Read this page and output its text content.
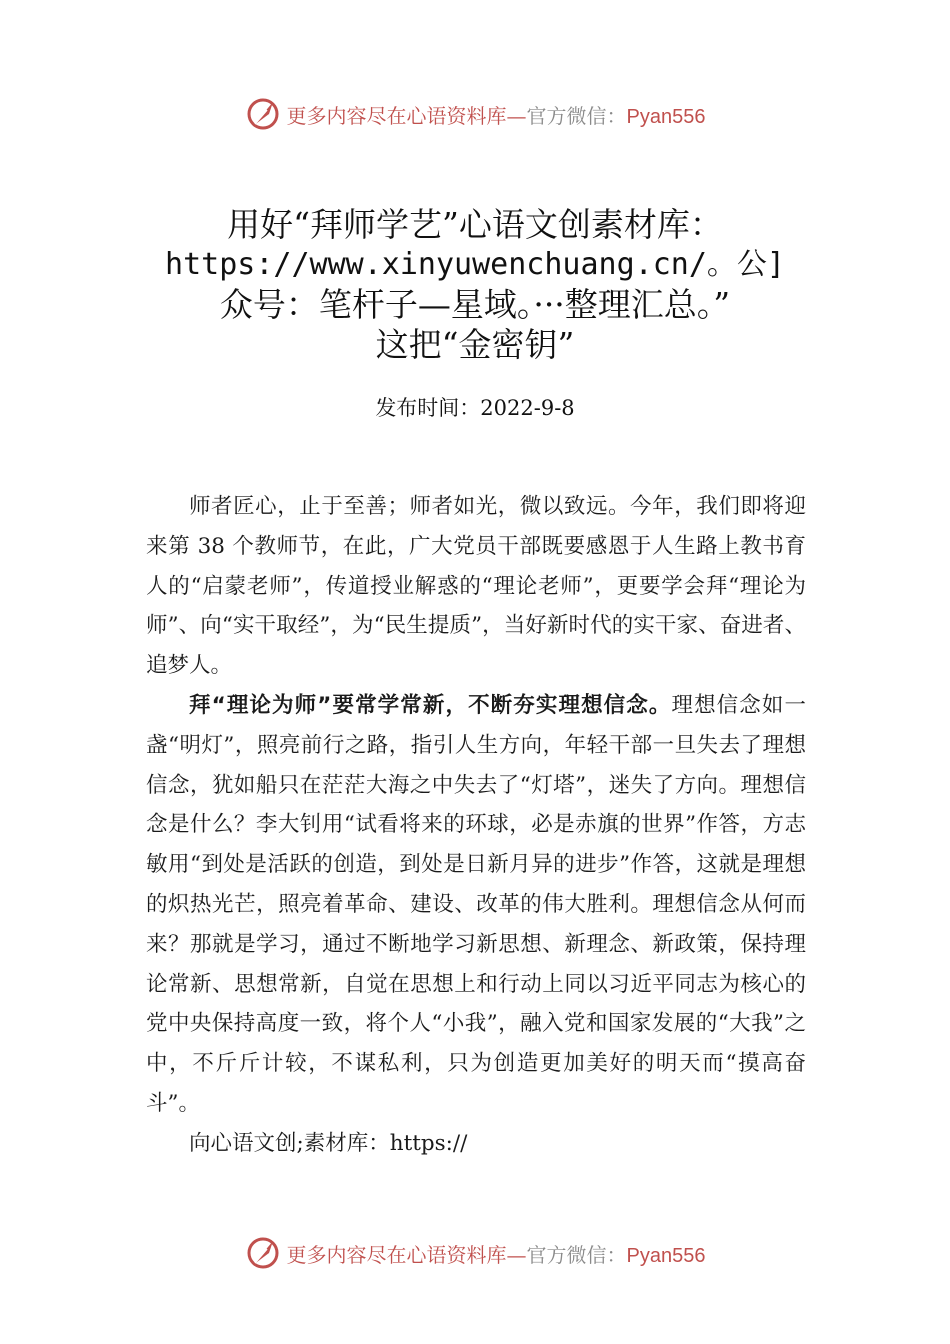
更多内容尽在心语资料库—官方微信：Pyan556
用好“拜师学艺”心语文创素材库：
https://www.xinyuwenchuang.cn/。公]
众号：笔杆子—星域。···整理汇总。”
这把“金密钥”
发布时间：2022-9-8

师者匠心，止于至善；师者如光，微以致远。今年，我们即将迎来第 38 个教师节，在此，广大党员干部既要感恩于人生路上教书育人的“启蒙老师”，传道授业解惑的“理论老师”，更要学会拜“理论为师”、向“实干取经”，为“民生提质”，当好新时代的实干家、奋进者、追梦人。

拜“理论为师”要常学常新，不断夯实理想信念。理想信念如一盏“明灯”，照亮前行之路，指引人生方向，年轻干部一旦失去了理想信念，犹如船只在茫茫大海之中失去了“灯塔”，迷失了方向。理想信念是什么？李大钊用“试看将来的环球，必是赤旗的世界”作答，方志敏用“到处是活跃的创造，到处是日新月异的进步”作答，这就是理想的炽热光芒，照亮着革命、建设、改革的伟大胜利。理想信念从何而来？那就是学习，通过不断地学习新思想、新理念、新政策，保持理论常新、思想常新，自觉在思想上和行动上同以习近平同志为核心的党中央保持高度一致，将个人“小我”，融入党和国家发展的“大我”之中，不斤斤计较，不谋私利，只为创造更加美好的明天而“摸高奋斗”。

向心语文创;素材库：https://

更多内容尽在心语资料库—官方微信：Pyan556
